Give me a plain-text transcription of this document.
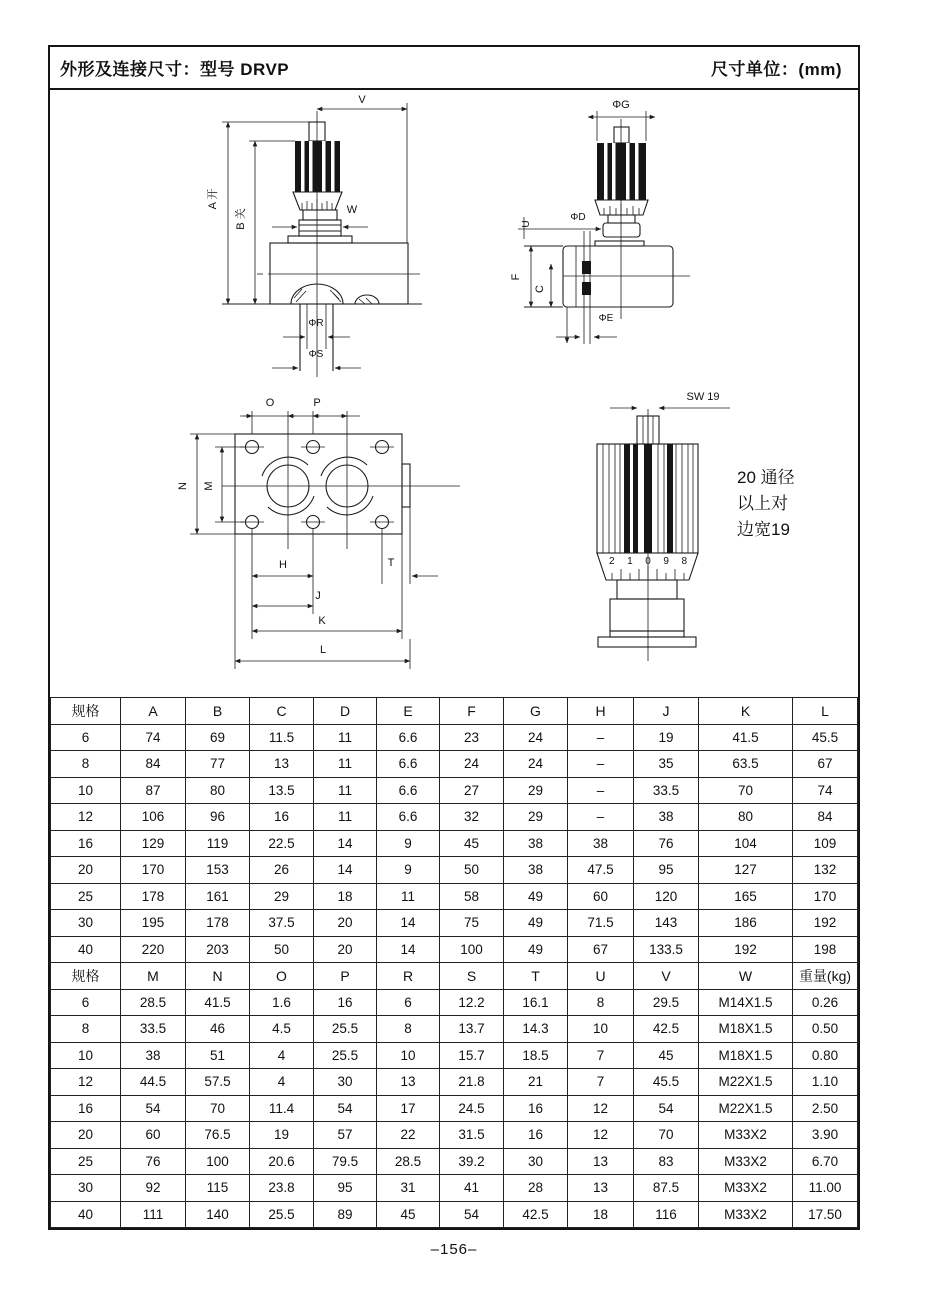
外形及连接尺寸：型号 DRVP	尺寸单位：(mm)
V
A 开
B 关	W
ΦR
ΦS
ΦG
ΦD
U
F
C
ΦE
O	P
N M
H	T
J
K
L
SW 19
2 1 0 9 8
20 通径
以上对
边宽19
规格	A	B	C	D	E	F	G	H	J	K	L
6	74	69	11.5	11	6.6	23	24	–	19	41.5	45.5
8	84	77	13	11	6.6	24	24	–	35	63.5	67
10	87	80	13.5	11	6.6	27	29	–	33.5	70	74
12	106	96	16	11	6.6	32	29	–	38	80	84
16	129	119	22.5	14	9	45	38	38	76	104	109
20	170	153	26	14	9	50	38	47.5	95	127	132
25	178	161	29	18	11	58	49	60	120	165	170
30	195	178	37.5	20	14	75	49	71.5	143	186	192
40	220	203	50	20	14	100	49	67	133.5	192	198
规格	M	N	O	P	R	S	T	U	V	W	重量(kg)
6	28.5	41.5	1.6	16	6	12.2	16.1	8	29.5	M14X1.5	0.26
8	33.5	46	4.5	25.5	8	13.7	14.3	10	42.5	M18X1.5	0.50
10	38	51	4	25.5	10	15.7	18.5	7	45	M18X1.5	0.80
12	44.5	57.5	4	30	13	21.8	21	7	45.5	M22X1.5	1.10
16	54	70	11.4	54	17	24.5	16	12	54	M22X1.5	2.50
20	60	76.5	19	57	22	31.5	16	12	70	M33X2	3.90
25	76	100	20.6	79.5	28.5	39.2	30	13	83	M33X2	6.70
30	92	115	23.8	95	31	41	28	13	87.5	M33X2	11.00
40	111	140	25.5	89	45	54	42.5	18	116	M33X2	17.50
–156–
